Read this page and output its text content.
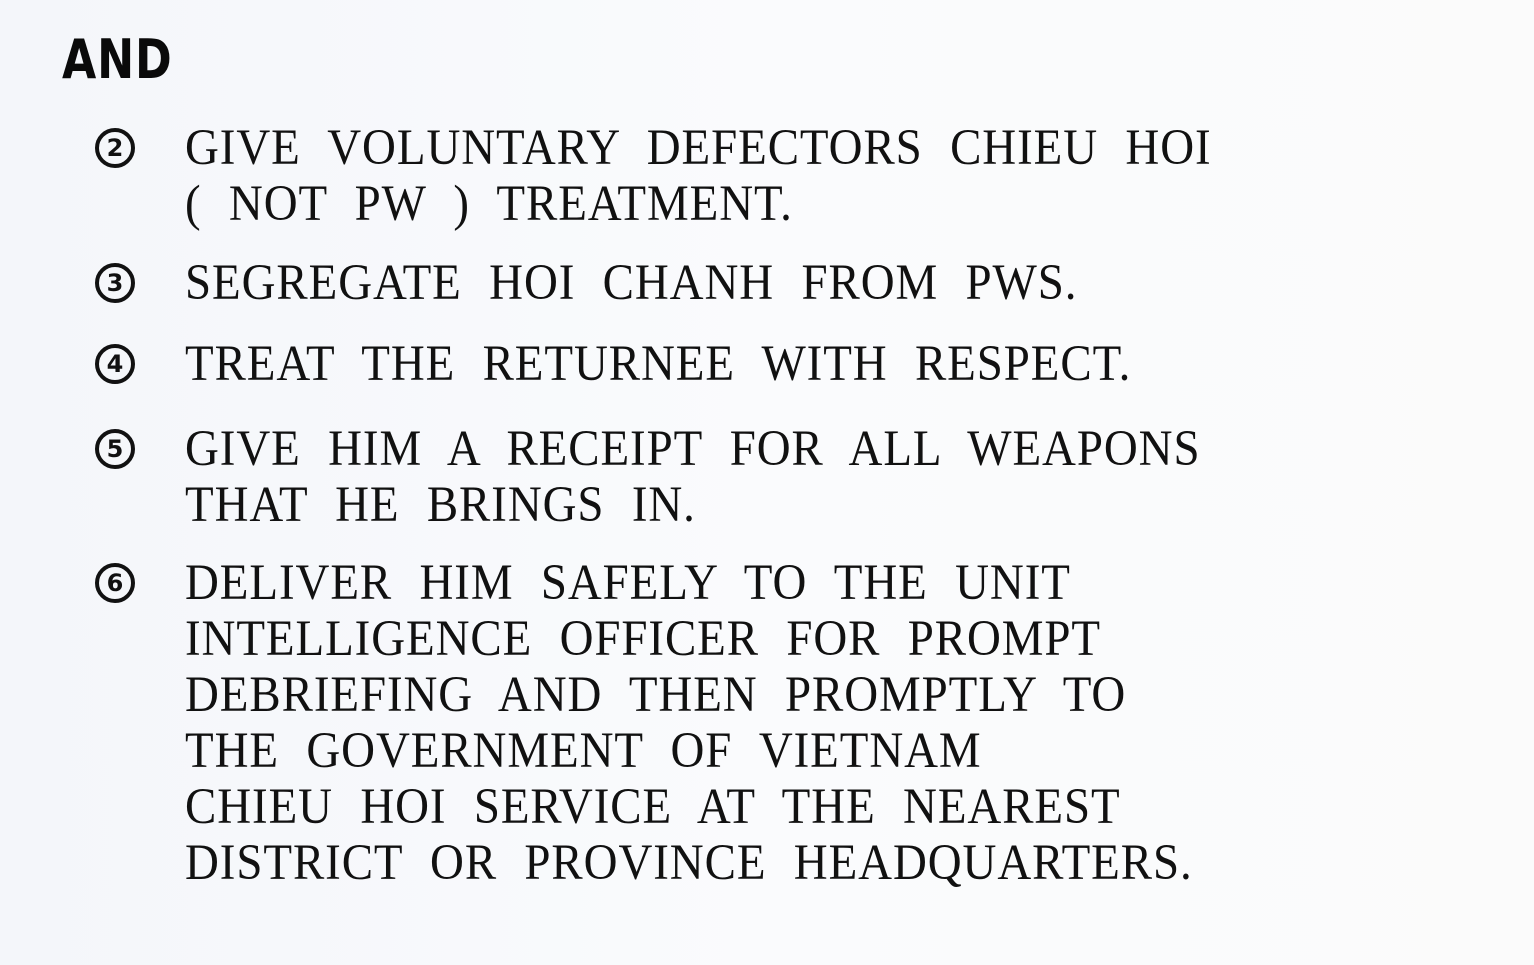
AND
2 GIVE VOLUNTARY DEFECTORS CHIEU HOI
( NOT PW ) TREATMENT.
3 SEGREGATE HOI CHANH FROM PWS.
4 TREAT THE RETURNEE WITH RESPECT.
5 GIVE HIM A RECEIPT FOR ALL WEAPONS
THAT HE BRINGS IN.
6 DELIVER HIM SAFELY TO THE UNIT
INTELLIGENCE OFFICER FOR PROMPT
DEBRIEFING AND THEN PROMPTLY TO
THE GOVERNMENT OF VIETNAM
CHIEU HOI SERVICE AT THE NEAREST
DISTRICT OR PROVINCE HEADQUARTERS.
